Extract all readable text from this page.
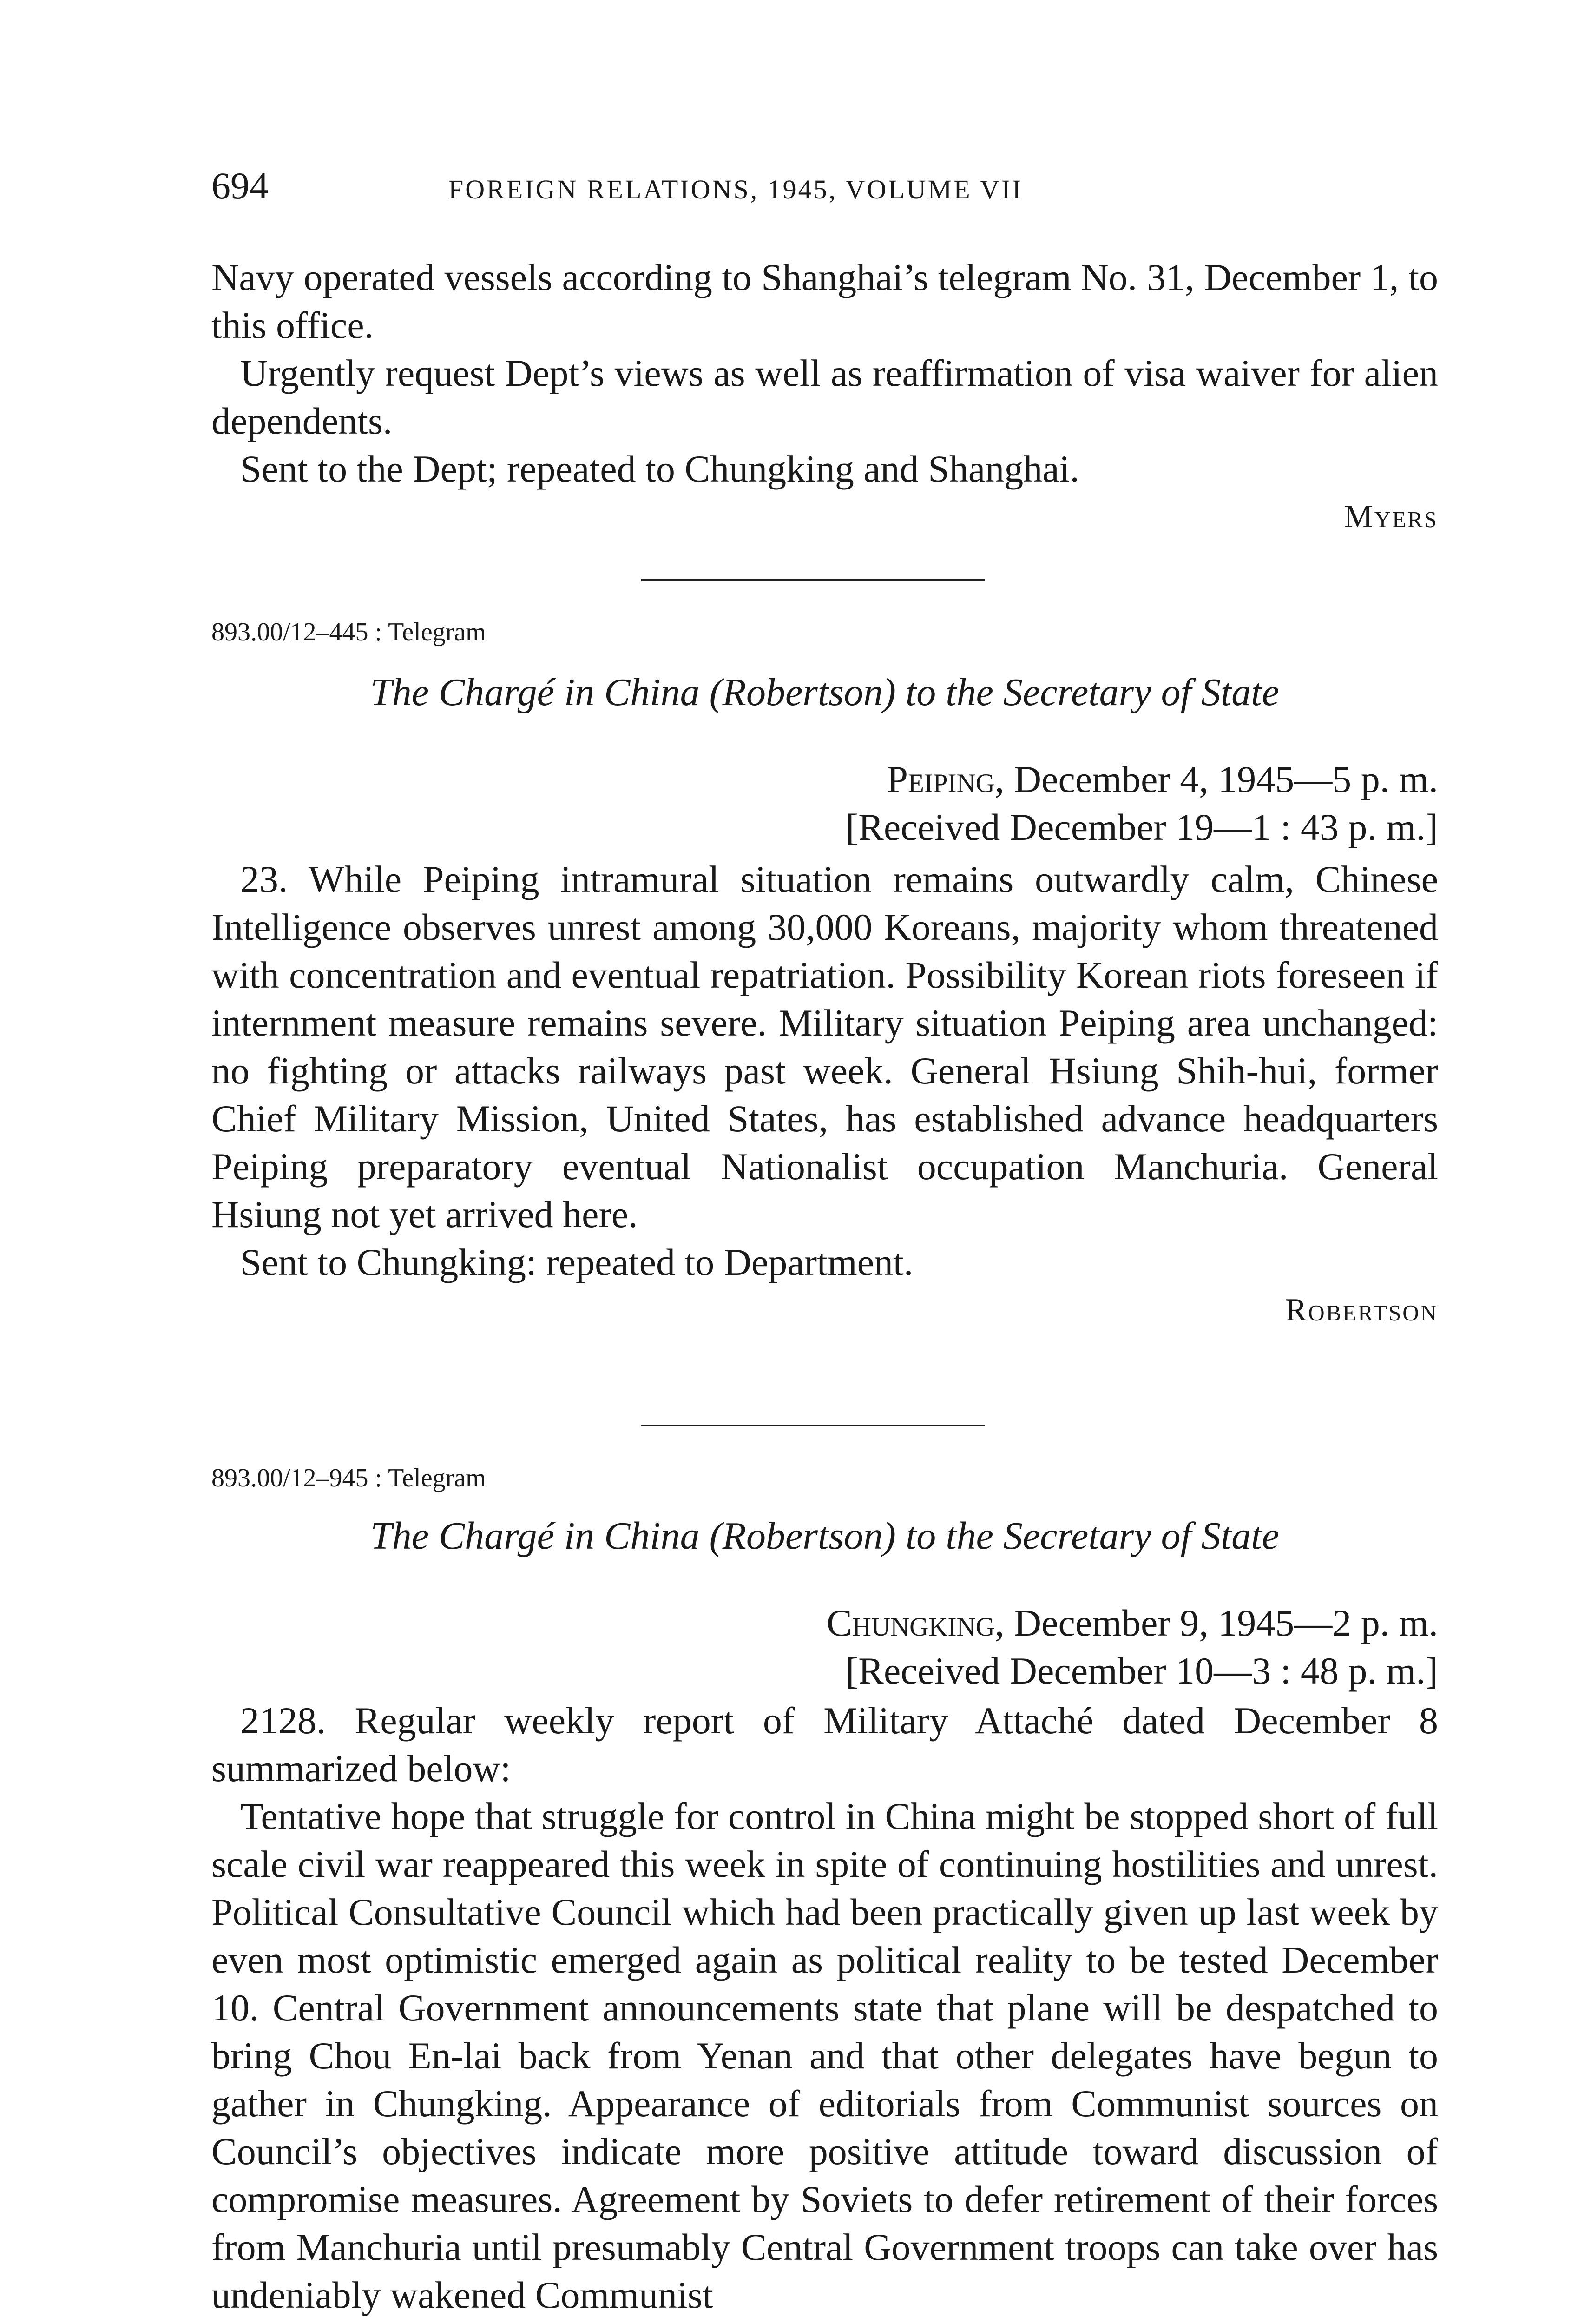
694	FOREIGN RELATIONS, 1945, VOLUME VII

Navy operated vessels according to Shanghai’s telegram No. 31, December 1, to this office.

Urgently request Dept’s views as well as reaffirmation of visa waiver for alien dependents.

Sent to the Dept; repeated to Chungking and Shanghai.

Myers
893.00/12–445 : Telegram
The Chargé in China (Robertson) to the Secretary of State
Peiping, December 4, 1945—5 p. m.
[Received December 19—1 : 43 p. m.]

23. While Peiping intramural situation remains outwardly calm, Chinese Intelligence observes unrest among 30,000 Koreans, majority whom threatened with concentration and eventual repatriation. Possibility Korean riots foreseen if internment measure remains severe. Military situation Peiping area unchanged: no fighting or attacks railways past week. General Hsiung Shih-hui, former Chief Military Mission, United States, has established advance headquarters Peiping preparatory eventual Nationalist occupation Manchuria. General Hsiung not yet arrived here.

Sent to Chungking: repeated to Department.

Robertson
893.00/12–945 : Telegram
The Chargé in China (Robertson) to the Secretary of State
Chungking, December 9, 1945—2 p. m.
[Received December 10—3 : 48 p. m.]

2128. Regular weekly report of Military Attaché dated December 8 summarized below:

Tentative hope that struggle for control in China might be stopped short of full scale civil war reappeared this week in spite of continuing hostilities and unrest. Political Consultative Council which had been practically given up last week by even most optimistic emerged again as political reality to be tested December 10. Central Government announcements state that plane will be despatched to bring Chou En-lai back from Yenan and that other delegates have begun to gather in Chungking. Appearance of editorials from Communist sources on Council’s objectives indicate more positive attitude toward discussion of compromise measures. Agreement by Soviets to defer retirement of their forces from Manchuria until presumably Central Government troops can take over has undeniably wakened Communist
